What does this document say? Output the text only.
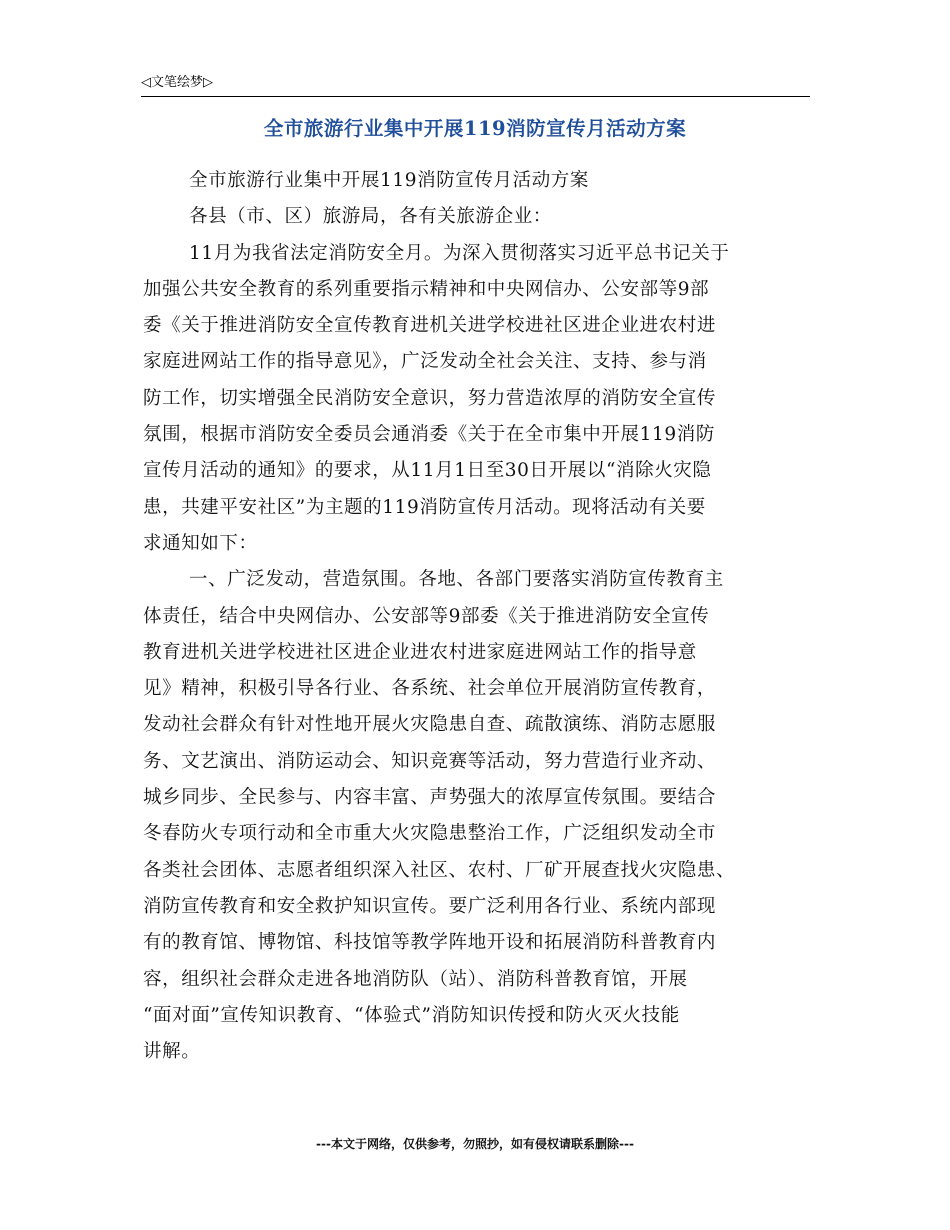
◁文笔绘梦▷
全市旅游行业集中开展119消防宣传月活动方案
全市旅游行业集中开展119消防宣传月活动方案
各县（市、区）旅游局，各有关旅游企业：
11月为我省法定消防安全月。为深入贯彻落实习近平总书记关于
加强公共安全教育的系列重要指示精神和中央网信办、公安部等9部
委《关于推进消防安全宣传教育进机关进学校进社区进企业进农村进
家庭进网站工作的指导意见》，广泛发动全社会关注、支持、参与消
防工作，切实增强全民消防安全意识，努力营造浓厚的消防安全宣传
氛围，根据市消防安全委员会通消委《关于在全市集中开展119消防
宣传月活动的通知》的要求，从11月1日至30日开展以“消除火灾隐
患，共建平安社区”为主题的119消防宣传月活动。现将活动有关要
求通知如下：
一、广泛发动，营造氛围。各地、各部门要落实消防宣传教育主
体责任，结合中央网信办、公安部等9部委《关于推进消防安全宣传
教育进机关进学校进社区进企业进农村进家庭进网站工作的指导意
见》精神，积极引导各行业、各系统、社会单位开展消防宣传教育，
发动社会群众有针对性地开展火灾隐患自查、疏散演练、消防志愿服
务、文艺演出、消防运动会、知识竞赛等活动，努力营造行业齐动、
城乡同步、全民参与、内容丰富、声势强大的浓厚宣传氛围。要结合
冬春防火专项行动和全市重大火灾隐患整治工作，广泛组织发动全市
各类社会团体、志愿者组织深入社区、农村、厂矿开展查找火灾隐患、
消防宣传教育和安全救护知识宣传。要广泛利用各行业、系统内部现
有的教育馆、博物馆、科技馆等教学阵地开设和拓展消防科普教育内
容，组织社会群众走进各地消防队（站）、消防科普教育馆，开展
“面对面”宣传知识教育、“体验式”消防知识传授和防火灭火技能
讲解。
---本文于网络，仅供参考，勿照抄，如有侵权请联系删除---
